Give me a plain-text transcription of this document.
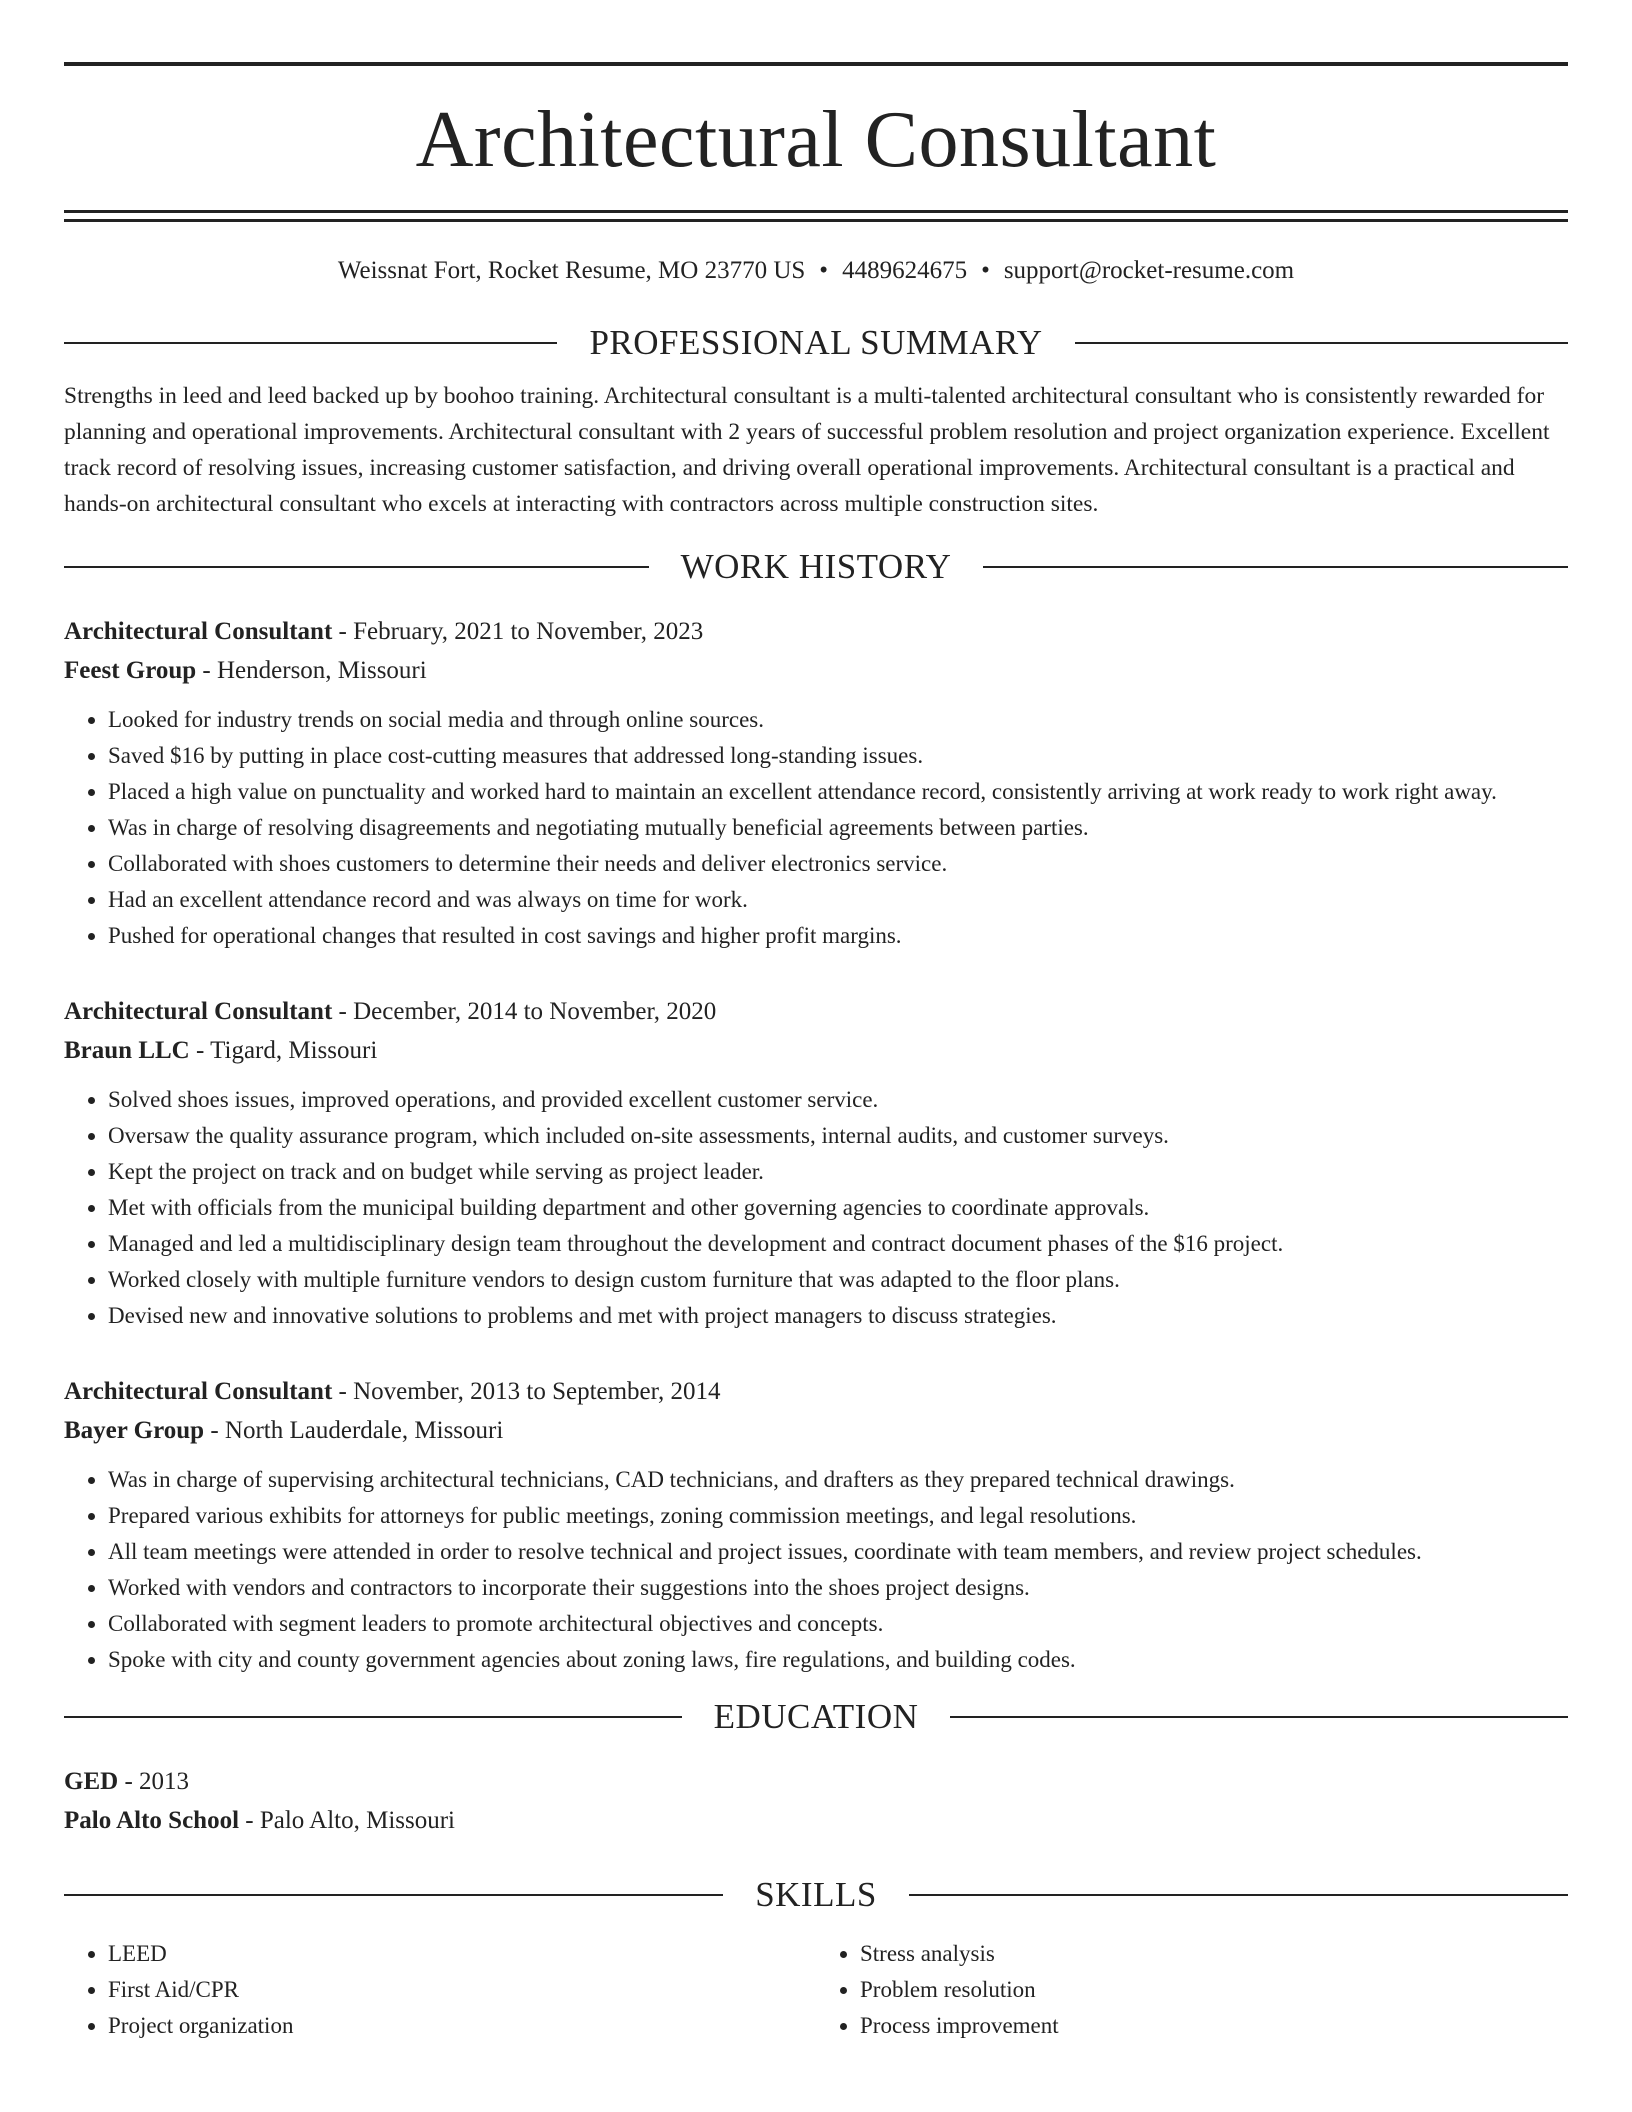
Architectural Consultant
Weissnat Fort, Rocket Resume, MO 23770 US • 4489624675 • support@rocket-resume.com
PROFESSIONAL SUMMARY

Strengths in leed and leed backed up by boohoo training. Architectural consultant is a multi-talented architectural consultant who is consistently rewarded for planning and operational improvements. Architectural consultant with 2 years of successful problem resolution and project organization experience. Excellent track record of resolving issues, increasing customer satisfaction, and driving overall operational improvements. Architectural consultant is a practical and hands-on architectural consultant who excels at interacting with contractors across multiple construction sites.

WORK HISTORY
Architectural Consultant - February, 2021 to November, 2023
Feest Group - Henderson, Missouri
• Looked for industry trends on social media and through online sources.
• Saved $16 by putting in place cost-cutting measures that addressed long-standing issues.
• Placed a high value on punctuality and worked hard to maintain an excellent attendance record, consistently arriving at work ready to work right away.
• Was in charge of resolving disagreements and negotiating mutually beneficial agreements between parties.
• Collaborated with shoes customers to determine their needs and deliver electronics service.
• Had an excellent attendance record and was always on time for work.
• Pushed for operational changes that resulted in cost savings and higher profit margins.
Architectural Consultant - December, 2014 to November, 2020
Braun LLC - Tigard, Missouri
• Solved shoes issues, improved operations, and provided excellent customer service.
• Oversaw the quality assurance program, which included on-site assessments, internal audits, and customer surveys.
• Kept the project on track and on budget while serving as project leader.
• Met with officials from the municipal building department and other governing agencies to coordinate approvals.
• Managed and led a multidisciplinary design team throughout the development and contract document phases of the $16 project.
• Worked closely with multiple furniture vendors to design custom furniture that was adapted to the floor plans.
• Devised new and innovative solutions to problems and met with project managers to discuss strategies.
Architectural Consultant - November, 2013 to September, 2014
Bayer Group - North Lauderdale, Missouri
• Was in charge of supervising architectural technicians, CAD technicians, and drafters as they prepared technical drawings.
• Prepared various exhibits for attorneys for public meetings, zoning commission meetings, and legal resolutions.
• All team meetings were attended in order to resolve technical and project issues, coordinate with team members, and review project schedules.
• Worked with vendors and contractors to incorporate their suggestions into the shoes project designs.
• Collaborated with segment leaders to promote architectural objectives and concepts.
• Spoke with city and county government agencies about zoning laws, fire regulations, and building codes.
EDUCATION
GED - 2013
Palo Alto School - Palo Alto, Missouri
SKILLS
• LEED
• First Aid/CPR
• Project organization
• Stress analysis
• Problem resolution
• Process improvement
